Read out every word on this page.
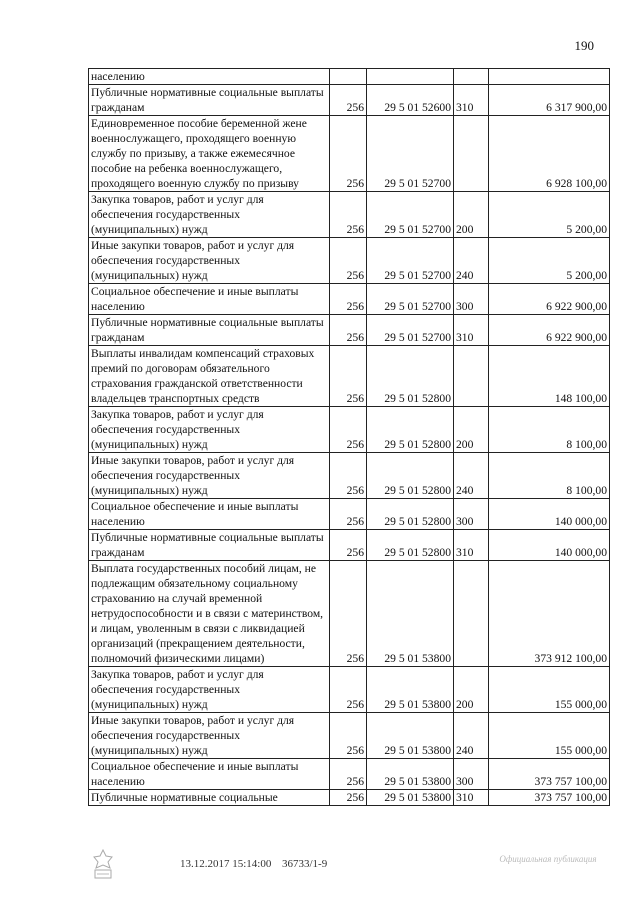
190
населению				
Публичные нормативные социальные выплаты гражданам	256	29 5 01 52600	310	6 317 900,00
Единовременное пособие беременной жене военнослужащего, проходящего военную службу по призыву, а также ежемесячное пособие на ребенка военнослужащего, проходящего военную службу по призыву	256	29 5 01 52700		6 928 100,00
Закупка товаров, работ и услуг для обеспечения государственных (муниципальных) нужд	256	29 5 01 52700	200	5 200,00
Иные закупки товаров, работ и услуг для обеспечения государственных (муниципальных) нужд	256	29 5 01 52700	240	5 200,00
Социальное обеспечение и иные выплаты населению	256	29 5 01 52700	300	6 922 900,00
Публичные нормативные социальные выплаты гражданам	256	29 5 01 52700	310	6 922 900,00
Выплаты инвалидам компенсаций страховых премий по договорам обязательного страхования гражданской ответственности владельцев транспортных средств	256	29 5 01 52800		148 100,00
Закупка товаров, работ и услуг для обеспечения государственных (муниципальных) нужд	256	29 5 01 52800	200	8 100,00
Иные закупки товаров, работ и услуг для обеспечения государственных (муниципальных) нужд	256	29 5 01 52800	240	8 100,00
Социальное обеспечение и иные выплаты населению	256	29 5 01 52800	300	140 000,00
Публичные нормативные социальные выплаты гражданам	256	29 5 01 52800	310	140 000,00
Выплата государственных пособий лицам, не подлежащим обязательному социальному страхованию на случай временной нетрудоспособности и в связи с материнством, и лицам, уволенным в связи с ликвидацией организаций (прекращением деятельности, полномочий физическими лицами)	256	29 5 01 53800		373 912 100,00
Закупка товаров, работ и услуг для обеспечения государственных (муниципальных) нужд	256	29 5 01 53800	200	155 000,00
Иные закупки товаров, работ и услуг для обеспечения государственных (муниципальных) нужд	256	29 5 01 53800	240	155 000,00
Социальное обеспечение и иные выплаты населению	256	29 5 01 53800	300	373 757 100,00
Публичные нормативные социальные	256	29 5 01 53800	310	373 757 100,00
13.12.2017 15:14:00 36733/1-9	Официальная публикация
